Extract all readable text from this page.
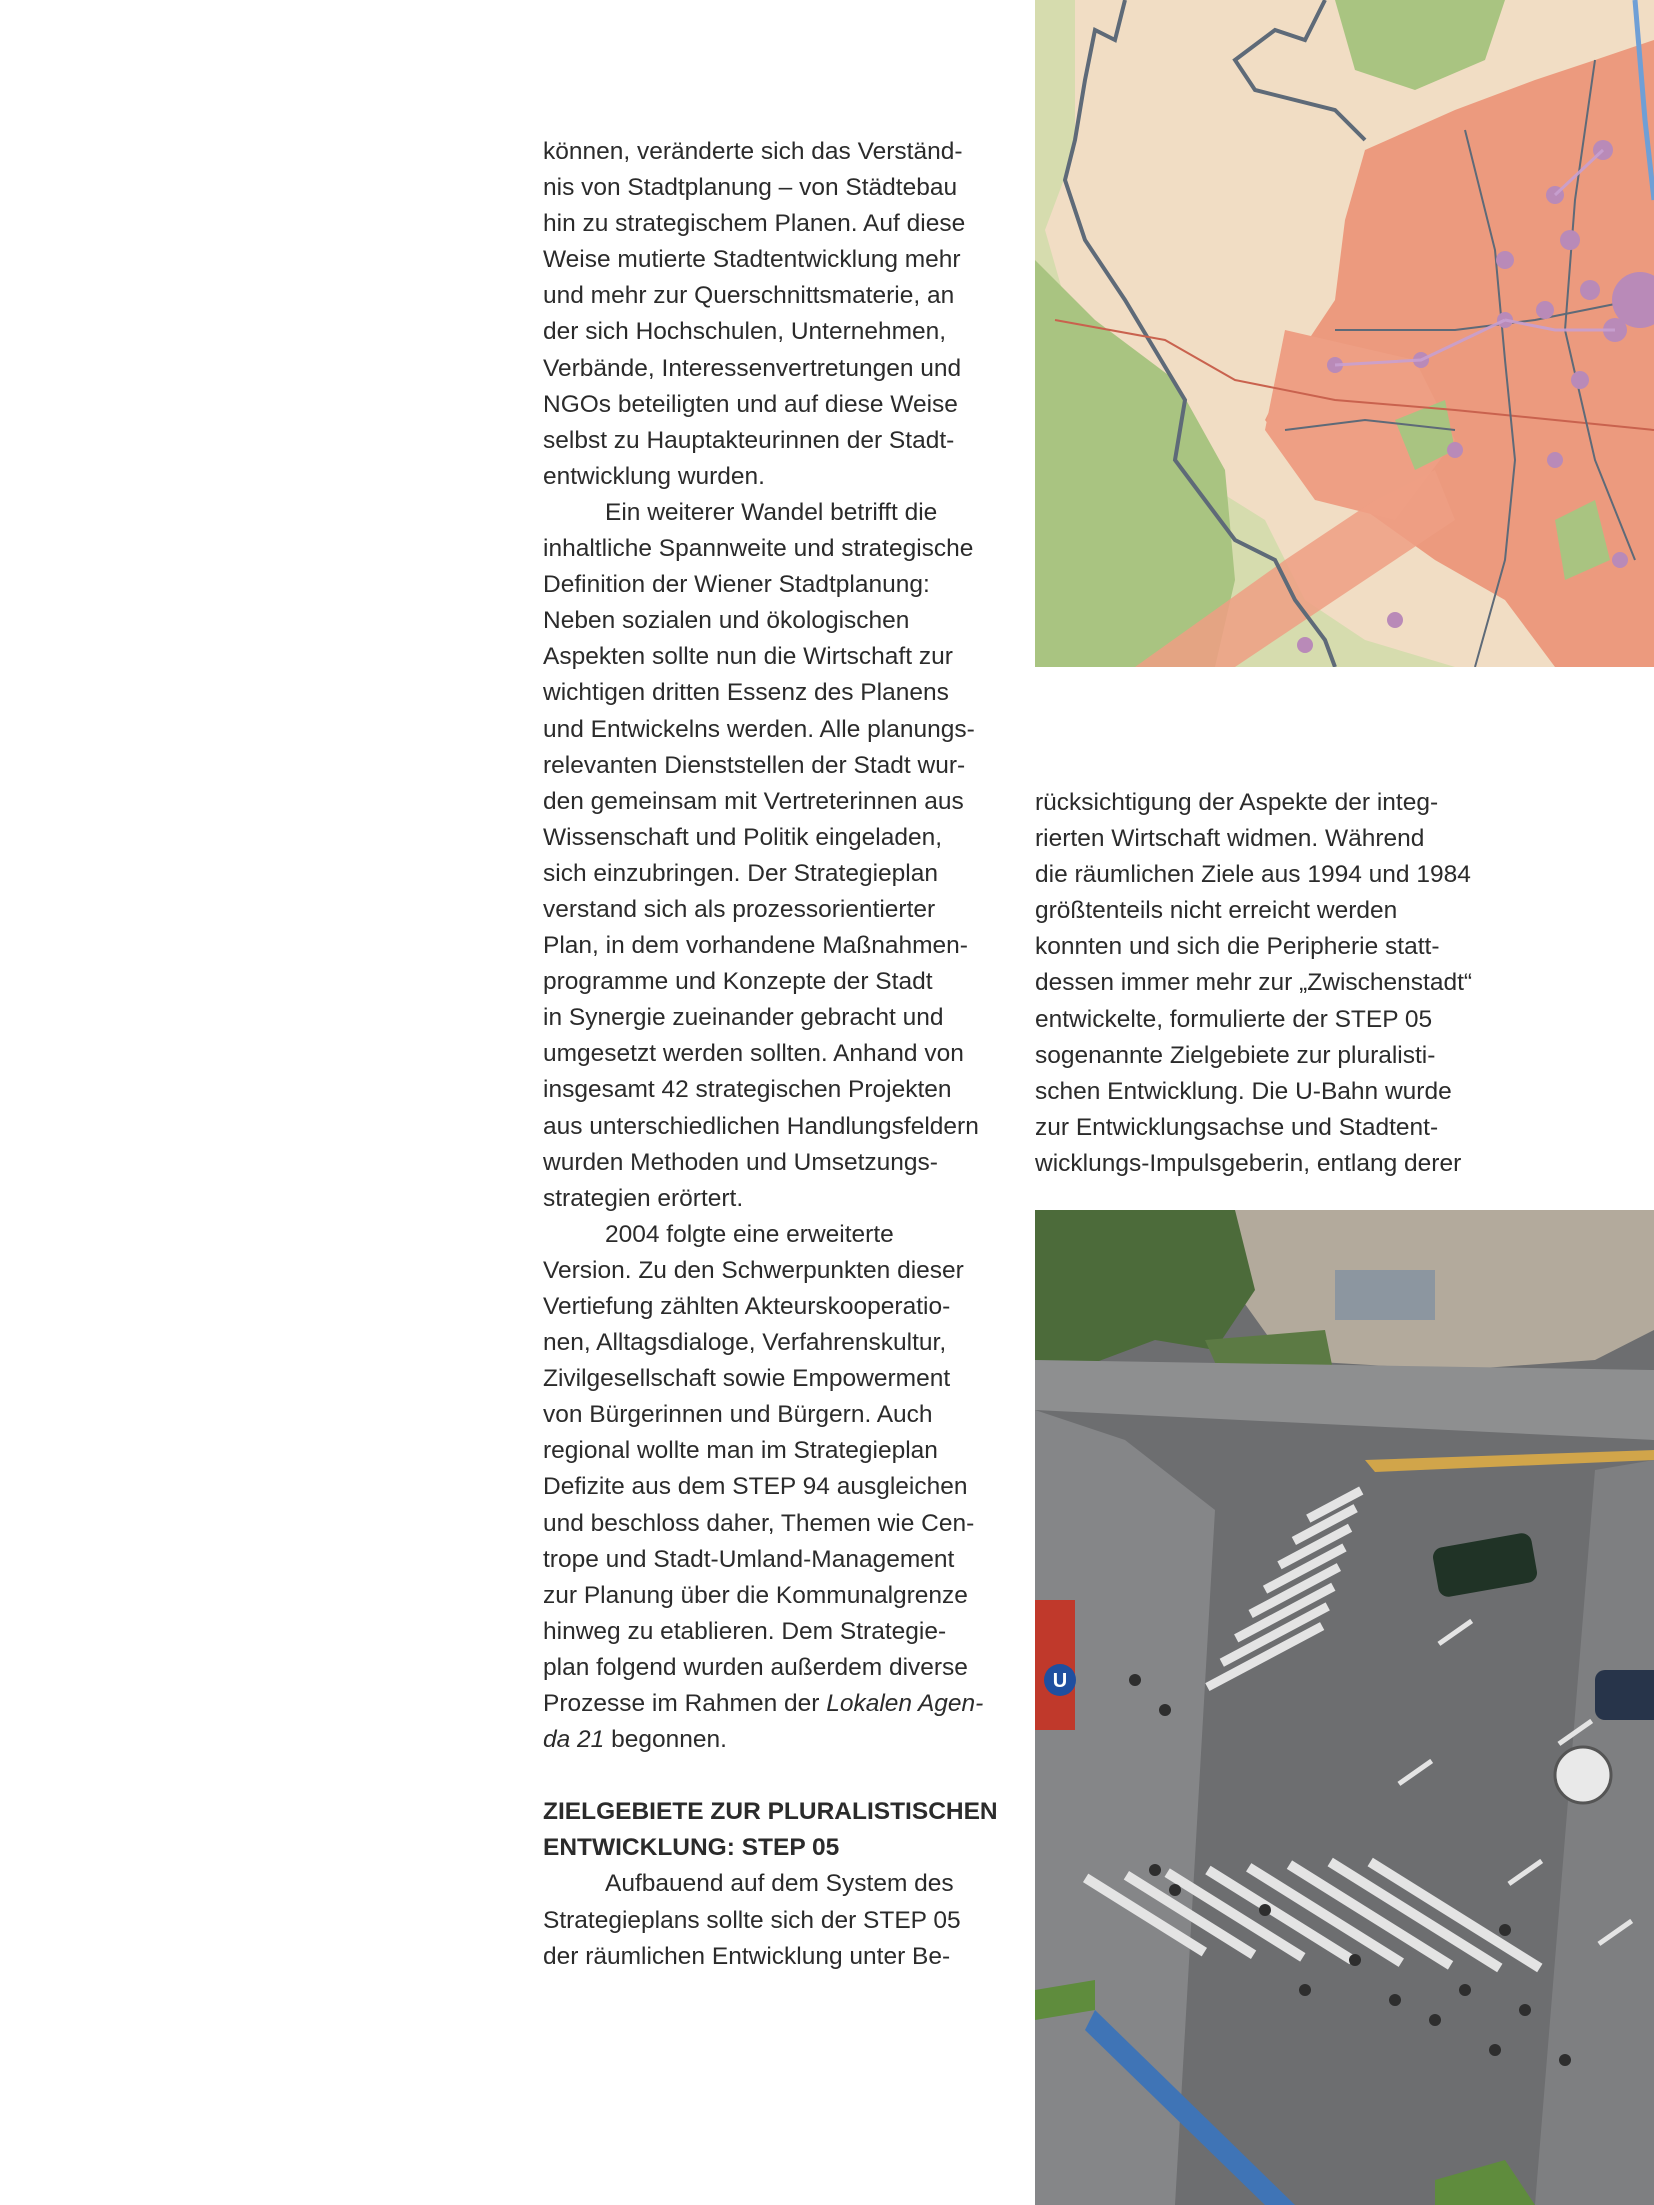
können, veränderte sich das Verständ-
nis von Stadtplanung – von Städtebau
hin zu strategischem Planen. Auf diese
Weise mutierte Stadtentwicklung mehr
und mehr zur Querschnittsmaterie, an
der sich Hochschulen, Unternehmen,
Verbände, Interessenvertretungen und
NGOs beteiligten und auf diese Weise
selbst zu Hauptakteurinnen der Stadt-
entwicklung wurden.

Ein weiterer Wandel betrifft die
inhaltliche Spannweite und strategische
Definition der Wiener Stadtplanung:
Neben sozialen und ökologischen
Aspekten sollte nun die Wirtschaft zur
wichtigen dritten Essenz des Planens
und Entwickelns werden. Alle planungs-
relevanten Dienststellen der Stadt wur-
den gemeinsam mit Vertreterinnen aus
Wissenschaft und Politik eingeladen,
sich einzubringen. Der Strategieplan
verstand sich als prozessorientierter
Plan, in dem vorhandene Maßnahmen-
programme und Konzepte der Stadt
in Synergie zueinander gebracht und
umgesetzt werden sollten. Anhand von
insgesamt 42 strategischen Projekten
aus unterschiedlichen Handlungsfeldern
wurden Methoden und Umsetzungs-
strategien erörtert.

2004 folgte eine erweiterte
Version. Zu den Schwerpunkten dieser
Vertiefung zählten Akteurskooperatio-
nen, Alltagsdialoge, Verfahrenskultur,
Zivilgesellschaft sowie Empowerment
von Bürgerinnen und Bürgern. Auch
regional wollte man im Strategieplan
Defizite aus dem STEP 94 ausgleichen
und beschloss daher, Themen wie Cen-
trope und Stadt-Umland-Management
zur Planung über die Kommunalgrenze
hinweg zu etablieren. Dem Strategie-
plan folgend wurden außerdem diverse
Prozesse im Rahmen der Lokalen Agen-
da 21 begonnen.

ZIELGEBIETE ZUR PLURALISTISCHEN
ENTWICKLUNG: STEP 05

Aufbauend auf dem System des
Strategieplans sollte sich der STEP 05
der räumlichen Entwicklung unter Be-

rücksichtigung der Aspekte der integ-
rierten Wirtschaft widmen. Während
die räumlichen Ziele aus 1994 und 1984
größtenteils nicht erreicht werden
konnten und sich die Peripherie statt-
dessen immer mehr zur „Zwischenstadt“
entwickelte, formulierte der STEP 05
sogenannte Zielgebiete zur pluralisti-
schen Entwicklung. Die U-Bahn wurde
zur Entwicklungsachse und Stadtent-
wicklungs-Impulsgeberin, entlang derer

U
